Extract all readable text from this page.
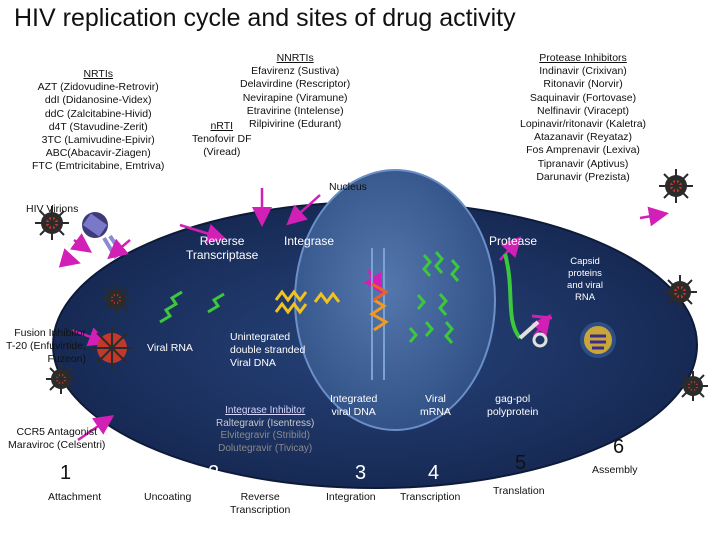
HIV replication cycle and sites of drug activity
NRTIs
AZT (Zidovudine-Retrovir)
ddI (Didanosine-Videx)
ddC (Zalcitabine-Hivid)
d4T (Stavudine-Zerit)
3TC (Lamivudine-Epivir)
ABC(Abacavir-Ziagen)
FTC (Emtricitabine, Emtriva)
NNRTIs
Efavirenz (Sustiva)
Delavirdine (Rescriptor)
Nevirapine (Viramune)
Etravirine (Intelense)
Rilpivirine (Edurant)
nRTI
Tenofovir DF
(Viread)
Protease Inhibitors
Indinavir (Crixivan)
Ritonavir (Norvir)
Saquinavir (Fortovase)
Nelfinavir (Viracept)
Lopinavir/ritonavir (Kaletra)
Atazanavir (Reyataz)
Fos Amprenavir (Lexiva)
Tipranavir (Aptivus)
Darunavir (Prezista)
Nucleus
HIV Virions
Fusion Inhibitor
T-20 (Enfuvirtide,
Fuzeon)
CCR5 Antagonist
Maraviroc (Celsentri)
Reverse
Transcriptase
Integrase	Protease
Capsid
proteins
and viral
RNA
Viral RNA
Unintegrated
double stranded
Viral DNA
Integrated
viral DNA
Viral
mRNA
gag-pol
polyprotein
Integrase Inhibitor
Raltegravir (Isentress)
Elvitegravir (Stribild)
Dolutegravir (Tivicay)
1	2	3	4	5
6
Attachment	Uncoating	Reverse
Transcription
Integration Transcription	Translation
Assembly
